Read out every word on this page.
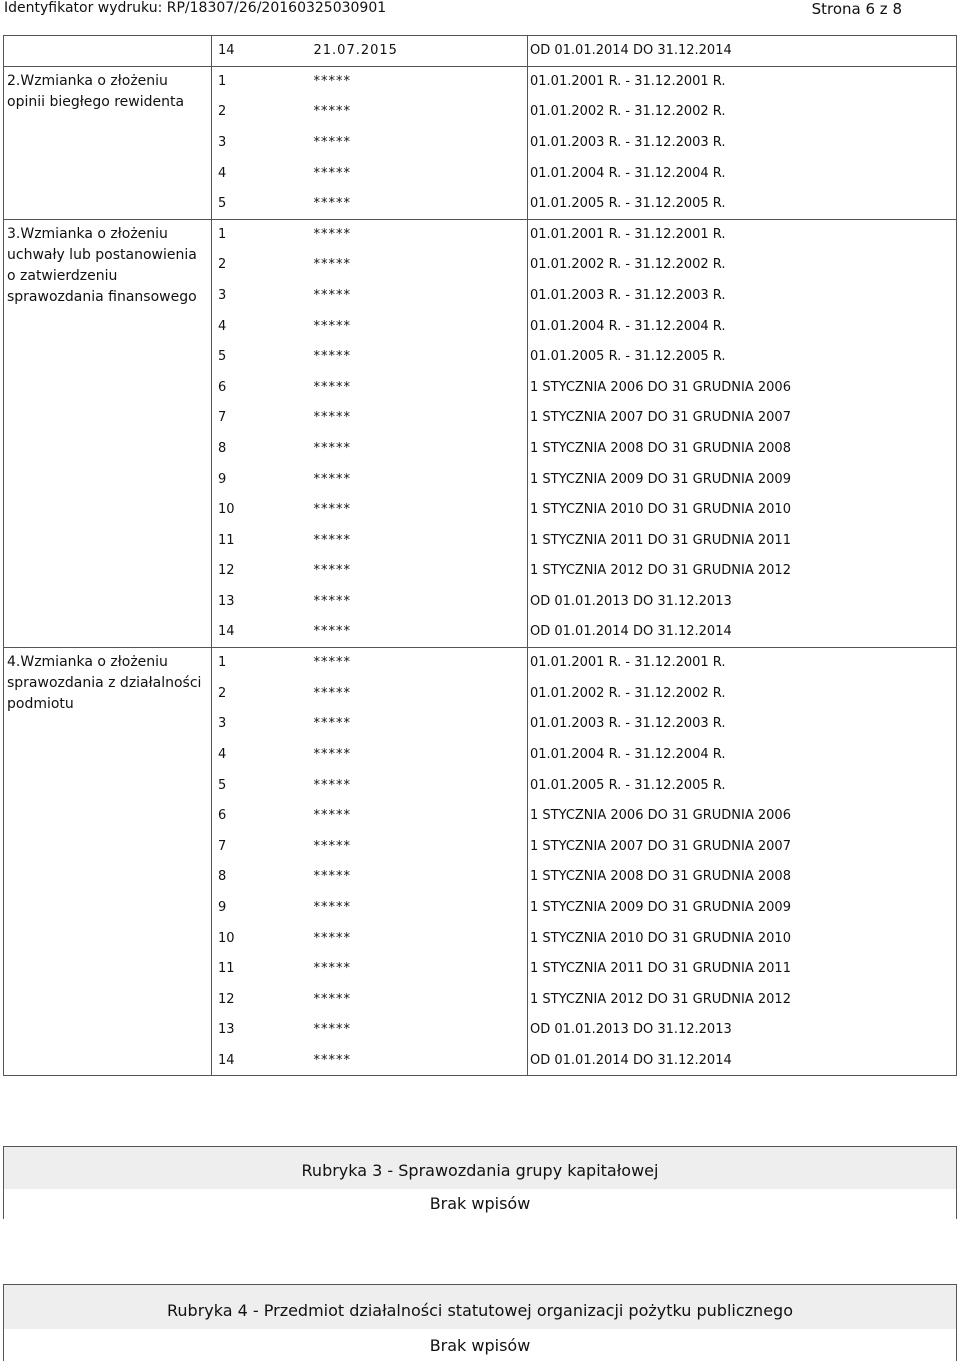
Identyfikator wydruku: RP/18307/26/20160325030901	Strona 6 z 8
	14	21.07.2015	OD 01.01.2014 DO 31.12.2014
2.Wzmianka o złożeniu opinii biegłego rewidenta	1	*****	01.01.2001 R. - 31.12.2001 R.
	2	*****	01.01.2002 R. - 31.12.2002 R.
	3	*****	01.01.2003 R. - 31.12.2003 R.
	4	*****	01.01.2004 R. - 31.12.2004 R.
	5	*****	01.01.2005 R. - 31.12.2005 R.
3.Wzmianka o złożeniu uchwały lub postanowienia o zatwierdzeniu sprawozdania finansowego	1	*****	01.01.2001 R. - 31.12.2001 R.
	2	*****	01.01.2002 R. - 31.12.2002 R.
	3	*****	01.01.2003 R. - 31.12.2003 R.
	4	*****	01.01.2004 R. - 31.12.2004 R.
	5	*****	01.01.2005 R. - 31.12.2005 R.
	6	*****	1 STYCZNIA 2006 DO 31 GRUDNIA 2006
	7	*****	1 STYCZNIA 2007 DO 31 GRUDNIA 2007
	8	*****	1 STYCZNIA 2008 DO 31 GRUDNIA 2008
	9	*****	1 STYCZNIA 2009 DO 31 GRUDNIA 2009
	10	*****	1 STYCZNIA 2010 DO 31 GRUDNIA 2010
	11	*****	1 STYCZNIA 2011 DO 31 GRUDNIA 2011
	12	*****	1 STYCZNIA 2012 DO 31 GRUDNIA 2012
	13	*****	OD 01.01.2013 DO 31.12.2013
	14	*****	OD 01.01.2014 DO 31.12.2014
4.Wzmianka o złożeniu sprawozdania z działalności podmiotu	1	*****	01.01.2001 R. - 31.12.2001 R.
	2	*****	01.01.2002 R. - 31.12.2002 R.
	3	*****	01.01.2003 R. - 31.12.2003 R.
	4	*****	01.01.2004 R. - 31.12.2004 R.
	5	*****	01.01.2005 R. - 31.12.2005 R.
	6	*****	1 STYCZNIA 2006 DO 31 GRUDNIA 2006
	7	*****	1 STYCZNIA 2007 DO 31 GRUDNIA 2007
	8	*****	1 STYCZNIA 2008 DO 31 GRUDNIA 2008
	9	*****	1 STYCZNIA 2009 DO 31 GRUDNIA 2009
	10	*****	1 STYCZNIA 2010 DO 31 GRUDNIA 2010
	11	*****	1 STYCZNIA 2011 DO 31 GRUDNIA 2011
	12	*****	1 STYCZNIA 2012 DO 31 GRUDNIA 2012
	13	*****	OD 01.01.2013 DO 31.12.2013
	14	*****	OD 01.01.2014 DO 31.12.2014
Rubryka 3 - Sprawozdania grupy kapitałowej
Brak wpisów
Rubryka 4 - Przedmiot działalności statutowej organizacji pożytku publicznego
Brak wpisów
